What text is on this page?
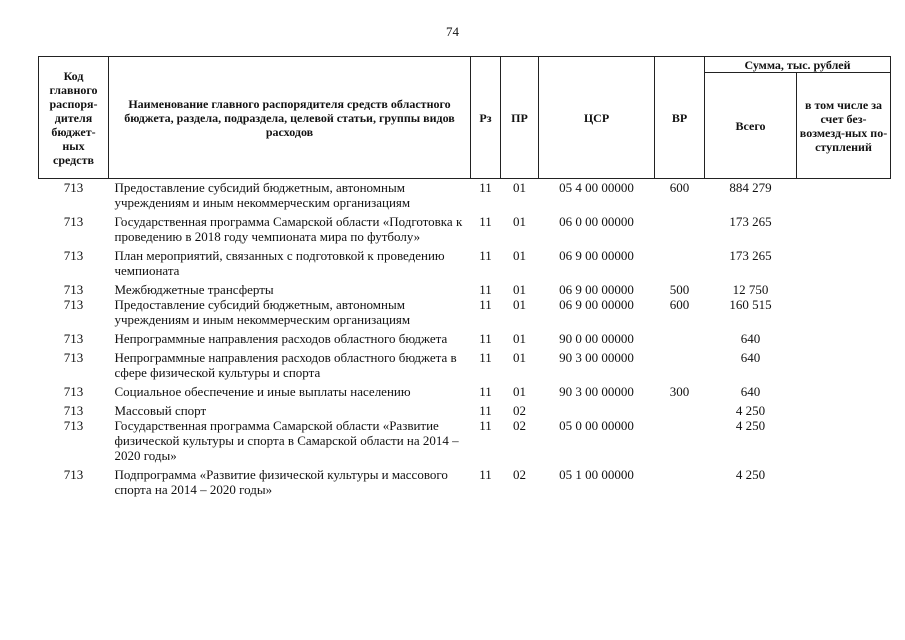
74
Код главного распоря-дителя бюджет-ных средств	Наименование главного распорядителя средств областного бюджета, раздела, подраздела, целевой статьи, группы видов расходов	Рз	ПР	ЦСР	ВР	Сумма, тыс. рублей	
						Всего	в том числе за счет без-возмезд-ных по-ступлений
713	Предоставление субсидий бюджетным, автономным учреждениям и иным некоммерческим организациям	11	01	05 4 00 00000	600	884 279	
713	Государственная программа Самарской области «Подготовка к проведению в 2018 году чемпионата мира по футболу»	11	01	06 0 00 00000		173 265	
713	План мероприятий, связанных с подготовкой к проведению чемпионата	11	01	06 9 00 00000		173 265	
713	Межбюджетные трансферты	11	01	06 9 00 00000	500	12 750	
713	Предоставление субсидий бюджетным, автономным учреждениям и иным некоммерческим организациям	11	01	06 9 00 00000	600	160 515	
713	Непрограммные направления расходов областного бюджета	11	01	90 0 00 00000		640	
713	Непрограммные направления расходов областного бюджета в сфере физической культуры и спорта	11	01	90 3 00 00000		640	
713	Социальное обеспечение и иные выплаты населению	11	01	90 3 00 00000	300	640	
713	Массовый спорт	11	02			4 250	
713	Государственная программа Самарской области «Развитие физической культуры и спорта в Самарской области на 2014 – 2020 годы»	11	02	05 0 00 00000		4 250	
713	Подпрограмма «Развитие физической культуры и массового спорта на 2014 – 2020 годы»	11	02	05 1 00 00000		4 250	
